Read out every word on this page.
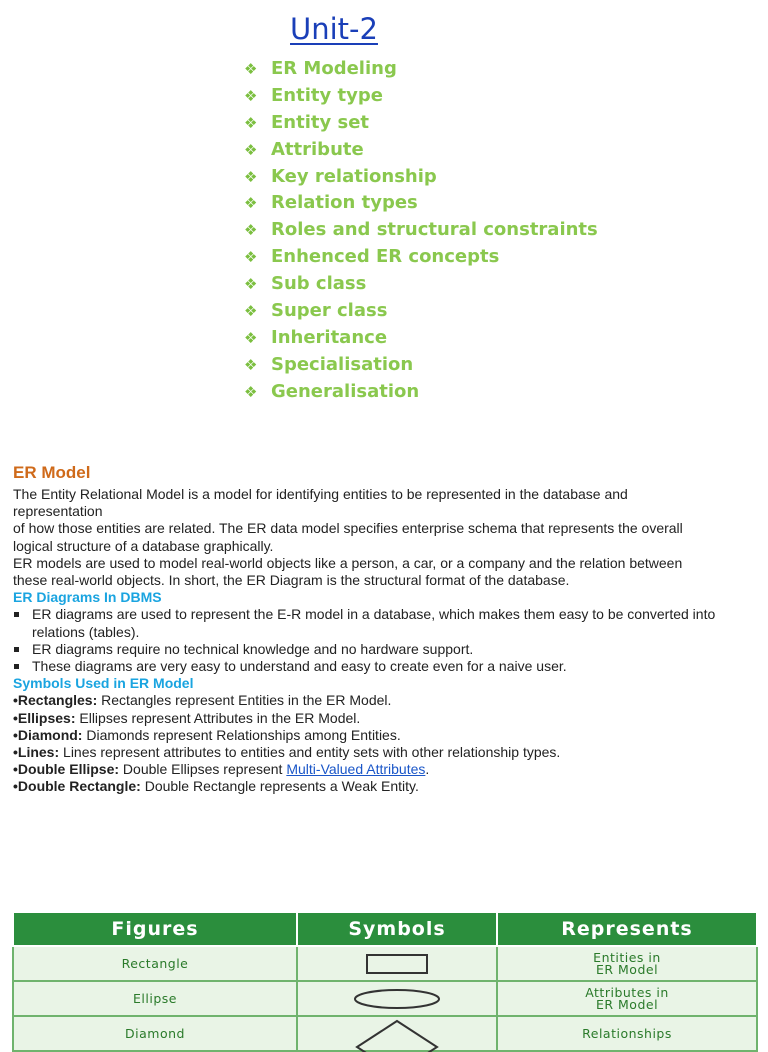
Unit-2
❖ ER Modeling
❖ Entity type
❖ Entity set
❖ Attribute
❖ Key relationship
❖ Relation types
❖ Roles and structural constraints
❖ Enhenced ER concepts
❖ Sub class
❖ Super class
❖ Inheritance
❖ Specialisation
❖ Generalisation
ER Model

The Entity Relational Model is a model for identifying entities to be represented in the database and

representation

of how those entities are related. The ER data model specifies enterprise schema that represents the overall

logical structure of a database graphically.

ER models are used to model real-world objects like a person, a car, or a company and the relation between

these real-world objects. In short, the ER Diagram is the structural format of the database.

ER Diagrams In DBMS

ER diagrams are used to represent the E-R model in a database, which makes them easy to be converted into relations (tables).
ER diagrams require no technical knowledge and no hardware support.
These diagrams are very easy to understand and easy to create even for a naive user.

Symbols Used in ER Model

•Rectangles: Rectangles represent Entities in the ER Model.

•Ellipses: Ellipses represent Attributes in the ER Model.

•Diamond: Diamonds represent Relationships among Entities.

•Lines: Lines represent attributes to entities and entity sets with other relationship types.

•Double Ellipse: Double Ellipses represent Multi-Valued Attributes.

•Double Rectangle: Double Rectangle represents a Weak Entity.

Figures	Symbols	Represents
Rectangle		Entities in
ER Model

Ellipse		Attributes in
ER Model

Diamond		Relationships
